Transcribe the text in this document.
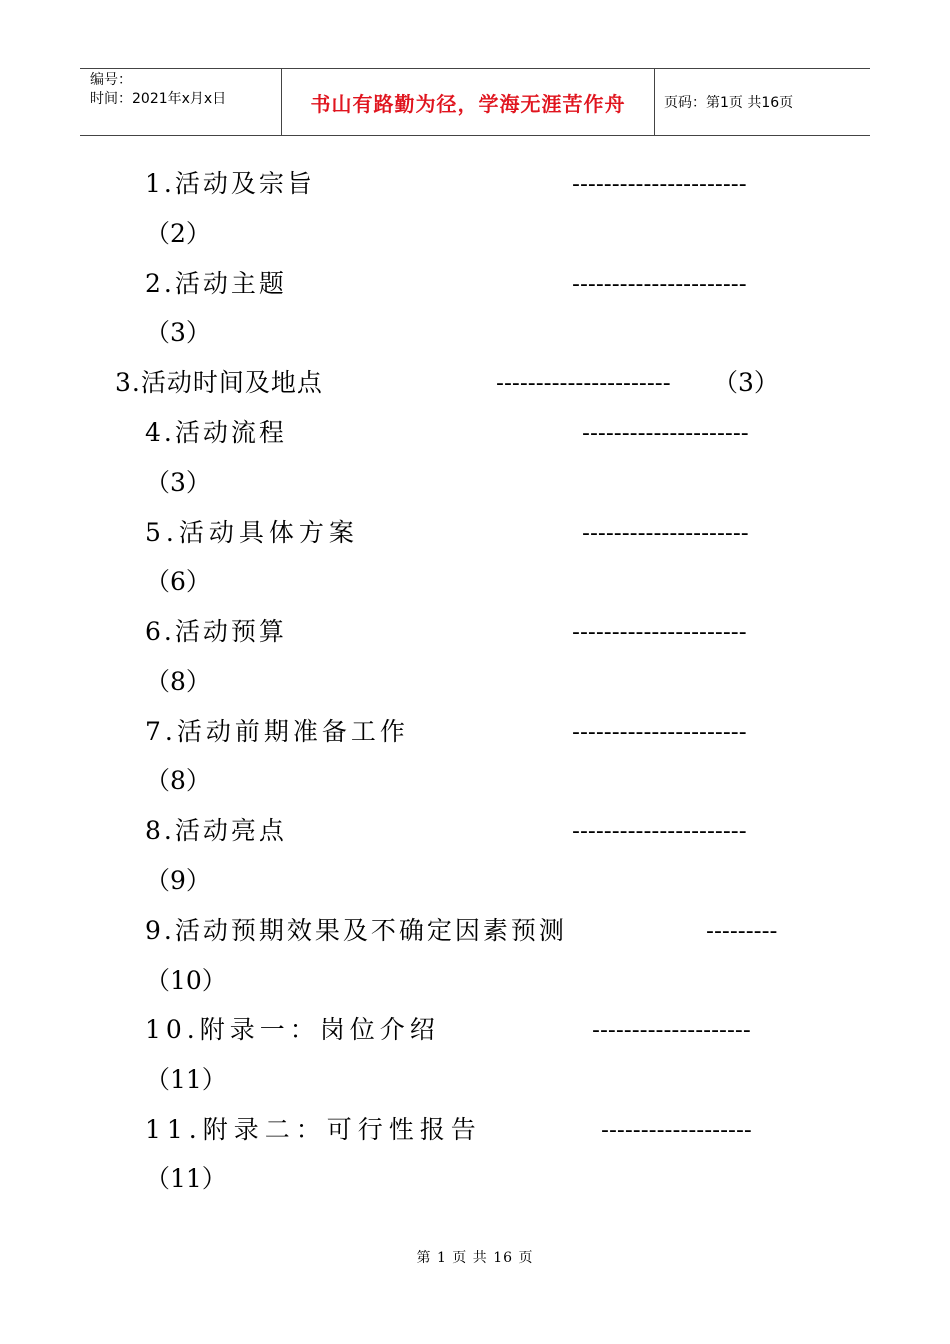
编号：
时间：2021年x月x日	书山有路勤为径，学海无涯苦作舟	页码：第1页 共16页
1.活动及宗旨	----------------------
（2）
2.活动主题	----------------------
（3）
3.活动时间及地点	---------------------- （3）
4.活动流程	---------------------
（3）
5.活动具体方案	---------------------
（6）
6.活动预算	----------------------
（8）
7.活动前期准备工作	----------------------
（8）
8.活动亮点	----------------------
（9）
9.活动预期效果及不确定因素预测	---------
（10）
10.附录一：岗位介绍	--------------------
（11）
11.附录二：可行性报告	-------------------
（11）
第 1 页 共 16 页
